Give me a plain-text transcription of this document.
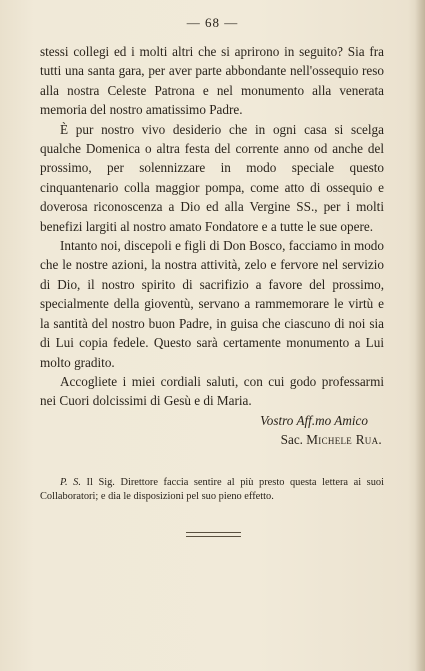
— 68 —

stessi collegi ed i molti altri che si aprirono in seguito? Sia fra tutti una santa gara, per aver parte abbondante nell'ossequio reso alla nostra Celeste Patrona e nel monumento alla venerata memoria del nostro amatissimo Padre.

È pur nostro vivo desiderio che in ogni casa si scelga qualche Domenica o altra festa del corrente anno od anche del prossimo, per solennizzare in modo speciale questo cinquantenario colla maggior pompa, come atto di ossequio e doverosa riconoscenza a Dio ed alla Vergine SS., per i molti benefizi largiti al nostro amato Fondatore e a tutte le sue opere.

Intanto noi, discepoli e figli di Don Bosco, facciamo in modo che le nostre azioni, la nostra attività, zelo e fervore nel servizio di Dio, il nostro spirito di sacrifizio a favore del prossimo, specialmente della gioventù, servano a rammemorare le virtù e la santità del nostro buon Padre, in guisa che ciascuno di noi sia di Lui copia fedele. Questo sarà certamente monumento a Lui molto gradito.

Accogliete i miei cordiali saluti, con cui godo professarmi nei Cuori dolcissimi di Gesù e di Maria.

Vostro Aff.mo Amico

Sac. Michele Rua.

P. S. Il Sig. Direttore faccia sentire al più presto questa lettera ai suoi Collaboratori; e dia le disposizioni pel suo pieno effetto.
